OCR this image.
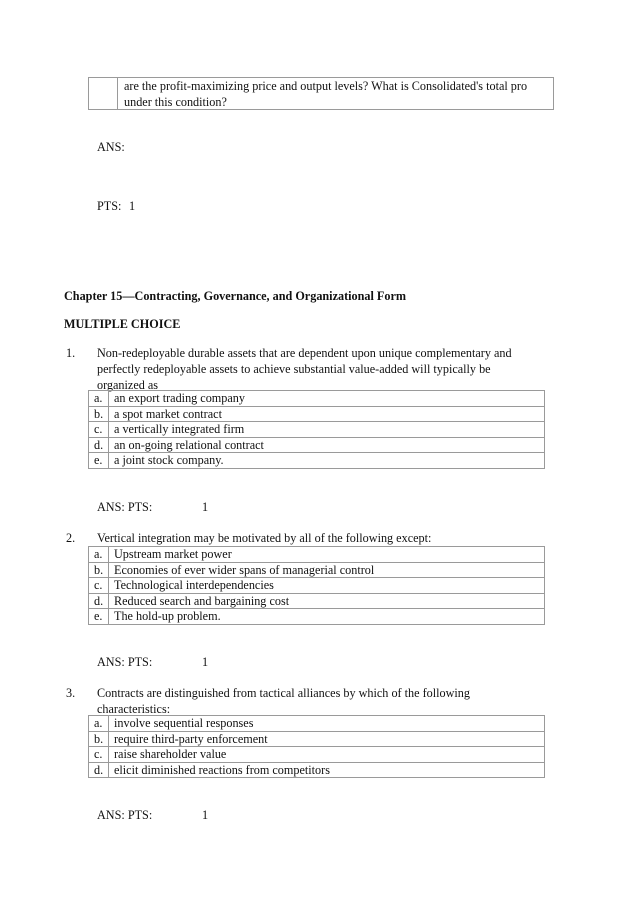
are the profit-maximizing price and output levels? What is Consolidated's total pro
under this condition?
ANS:
PTS: 1
Chapter 15—Contracting, Governance, and Organizational Form
MULTIPLE CHOICE
1. Non-redeployable durable assets that are dependent upon unique complementary and
perfectly redeployable assets to achieve substantial value-added will typically be
organized as
a.	an export trading company
b.	a spot market contract
c.	a vertically integrated firm
d.	an on-going relational contract
e.	a joint stock company.
ANS: PTS:	1
2. Vertical integration may be motivated by all of the following except:
a.	Upstream market power
b.	Economies of ever wider spans of managerial control
c.	Technological interdependencies
d.	Reduced search and bargaining cost
e.	The hold-up problem.
ANS: PTS:	1
3. Contracts are distinguished from tactical alliances by which of the following
characteristics:
a.	involve sequential responses
b.	require third-party enforcement
c.	raise shareholder value
d.	elicit diminished reactions from competitors
ANS: PTS:	1
